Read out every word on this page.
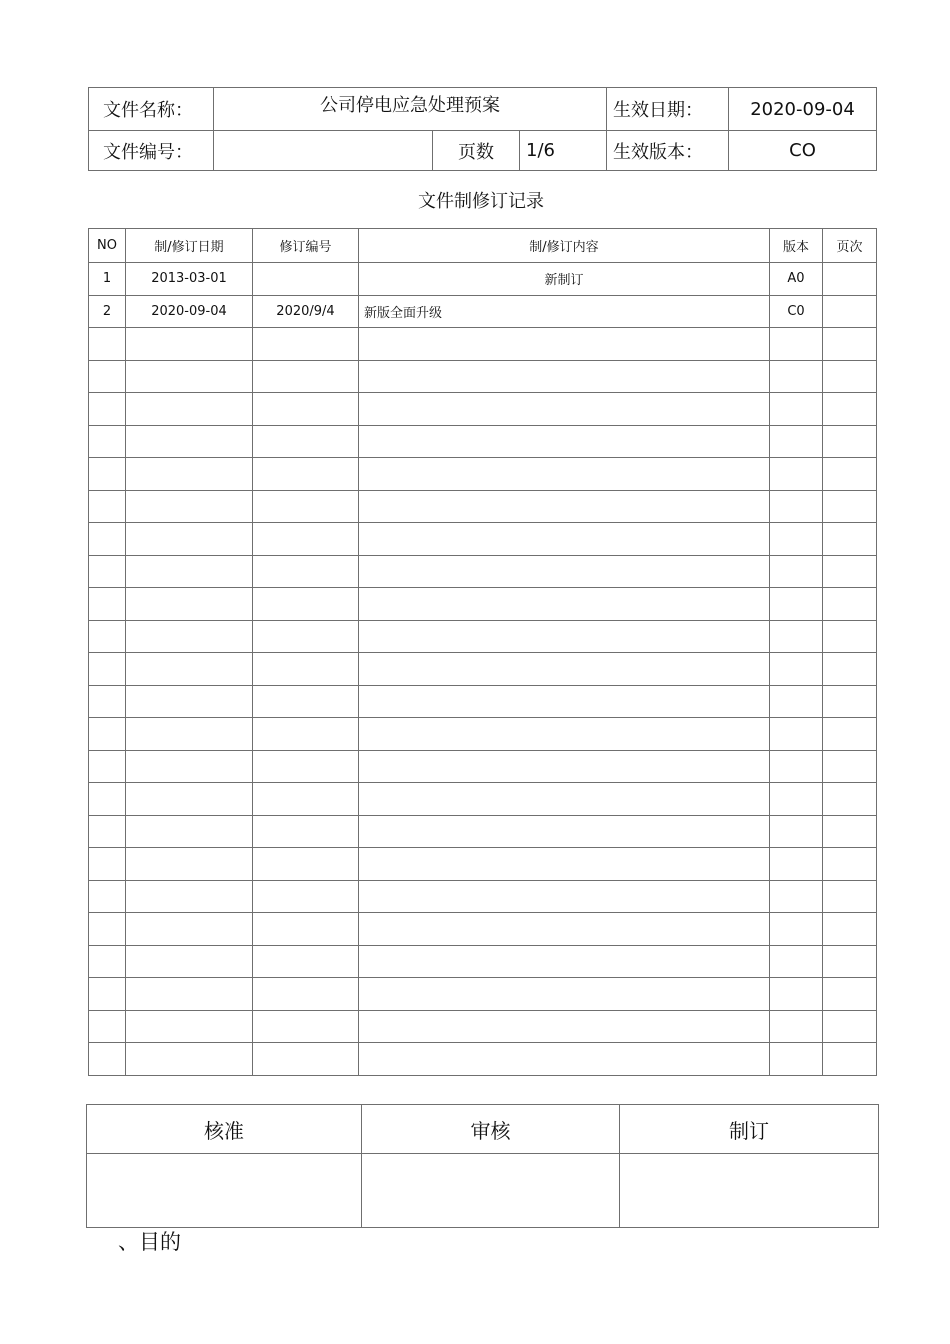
文件名称：	公司停电应急处理预案			生效日期：	2020-09-04
文件编号：		页数	1/6	生效版本：	CO
文件制修订记录
NO	制/修订日期	修订编号	制/修订内容	版本	页次
1	2013-03-01		新制订	A0	
2	2020-09-04	2020/9/4	新版全面升级	C0	

核准	审核	制订

、目的
